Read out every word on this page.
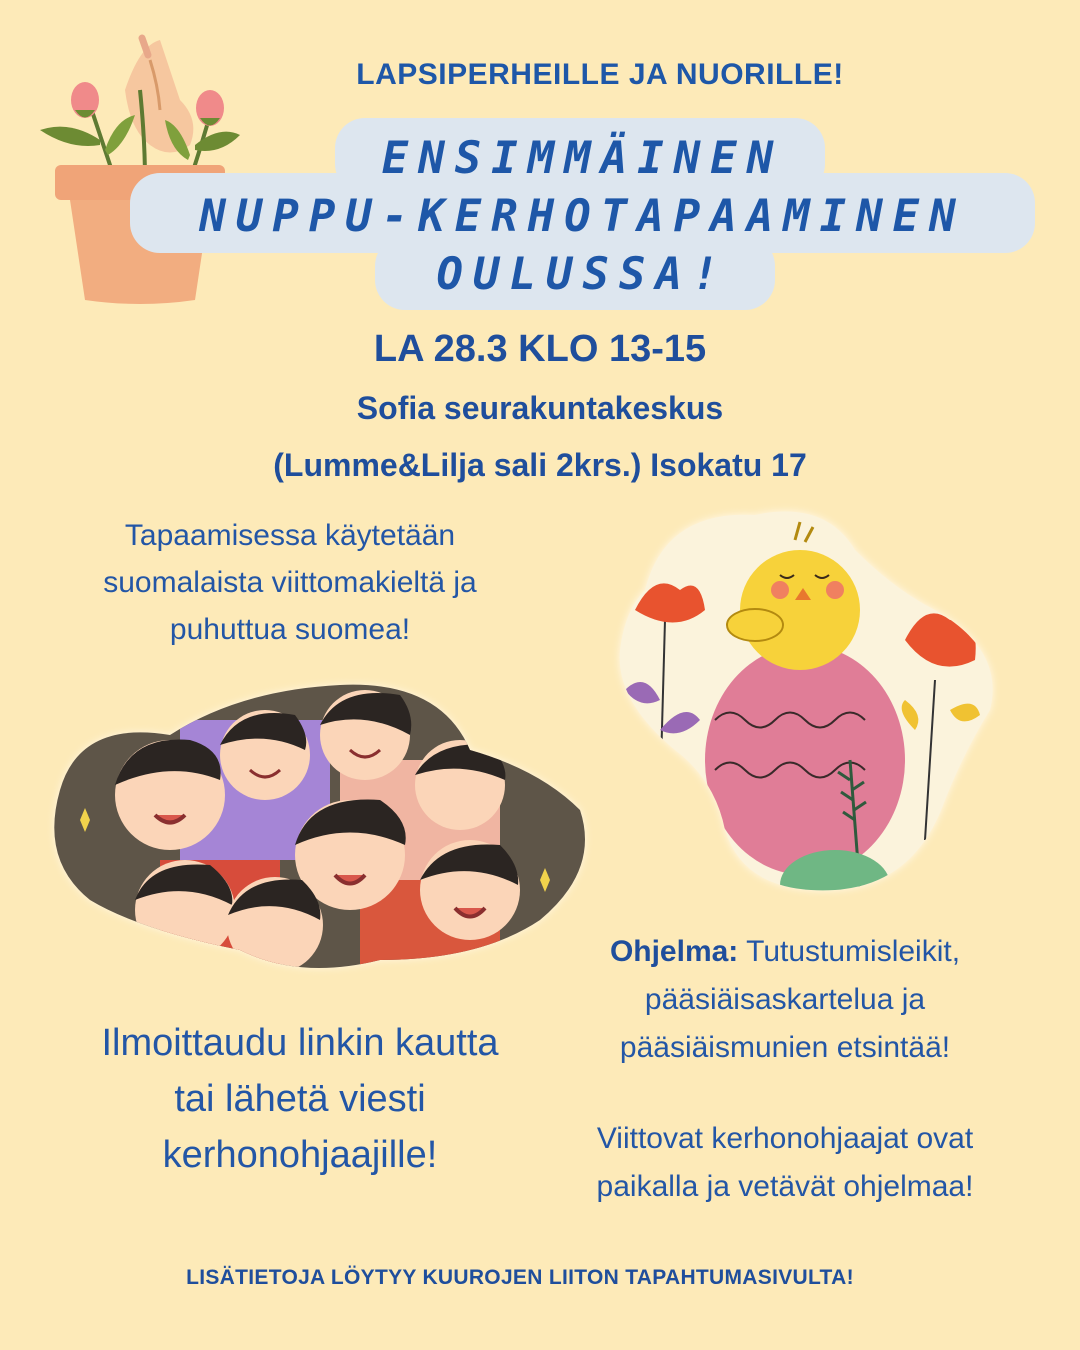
LAPSIPERHEILLE JA NUORILLE!
ENSIMMÄINEN
NUPPU-KERHOTAPAAMINEN
OULUSSA!
LA 28.3 KLO 13-15
Sofia seurakuntakeskus
(Lumme&Lilja sali 2krs.) Isokatu 17
Tapaamisessa käytetään
suomalaista viittomakieltä ja
puhuttua suomea!
Ilmoittaudu linkin kautta
tai lähetä viesti
kerhonohjaajille!
Ohjelma: Tutustumisleikit,
pääsiäisaskartelua ja
pääsiäismunien etsintää!
Viittovat kerhonohjaajat ovat
paikalla ja vetävät ohjelmaa!
LISÄTIETOJA LÖYTYY KUUROJEN LIITON TAPAHTUMASIVULTA!
